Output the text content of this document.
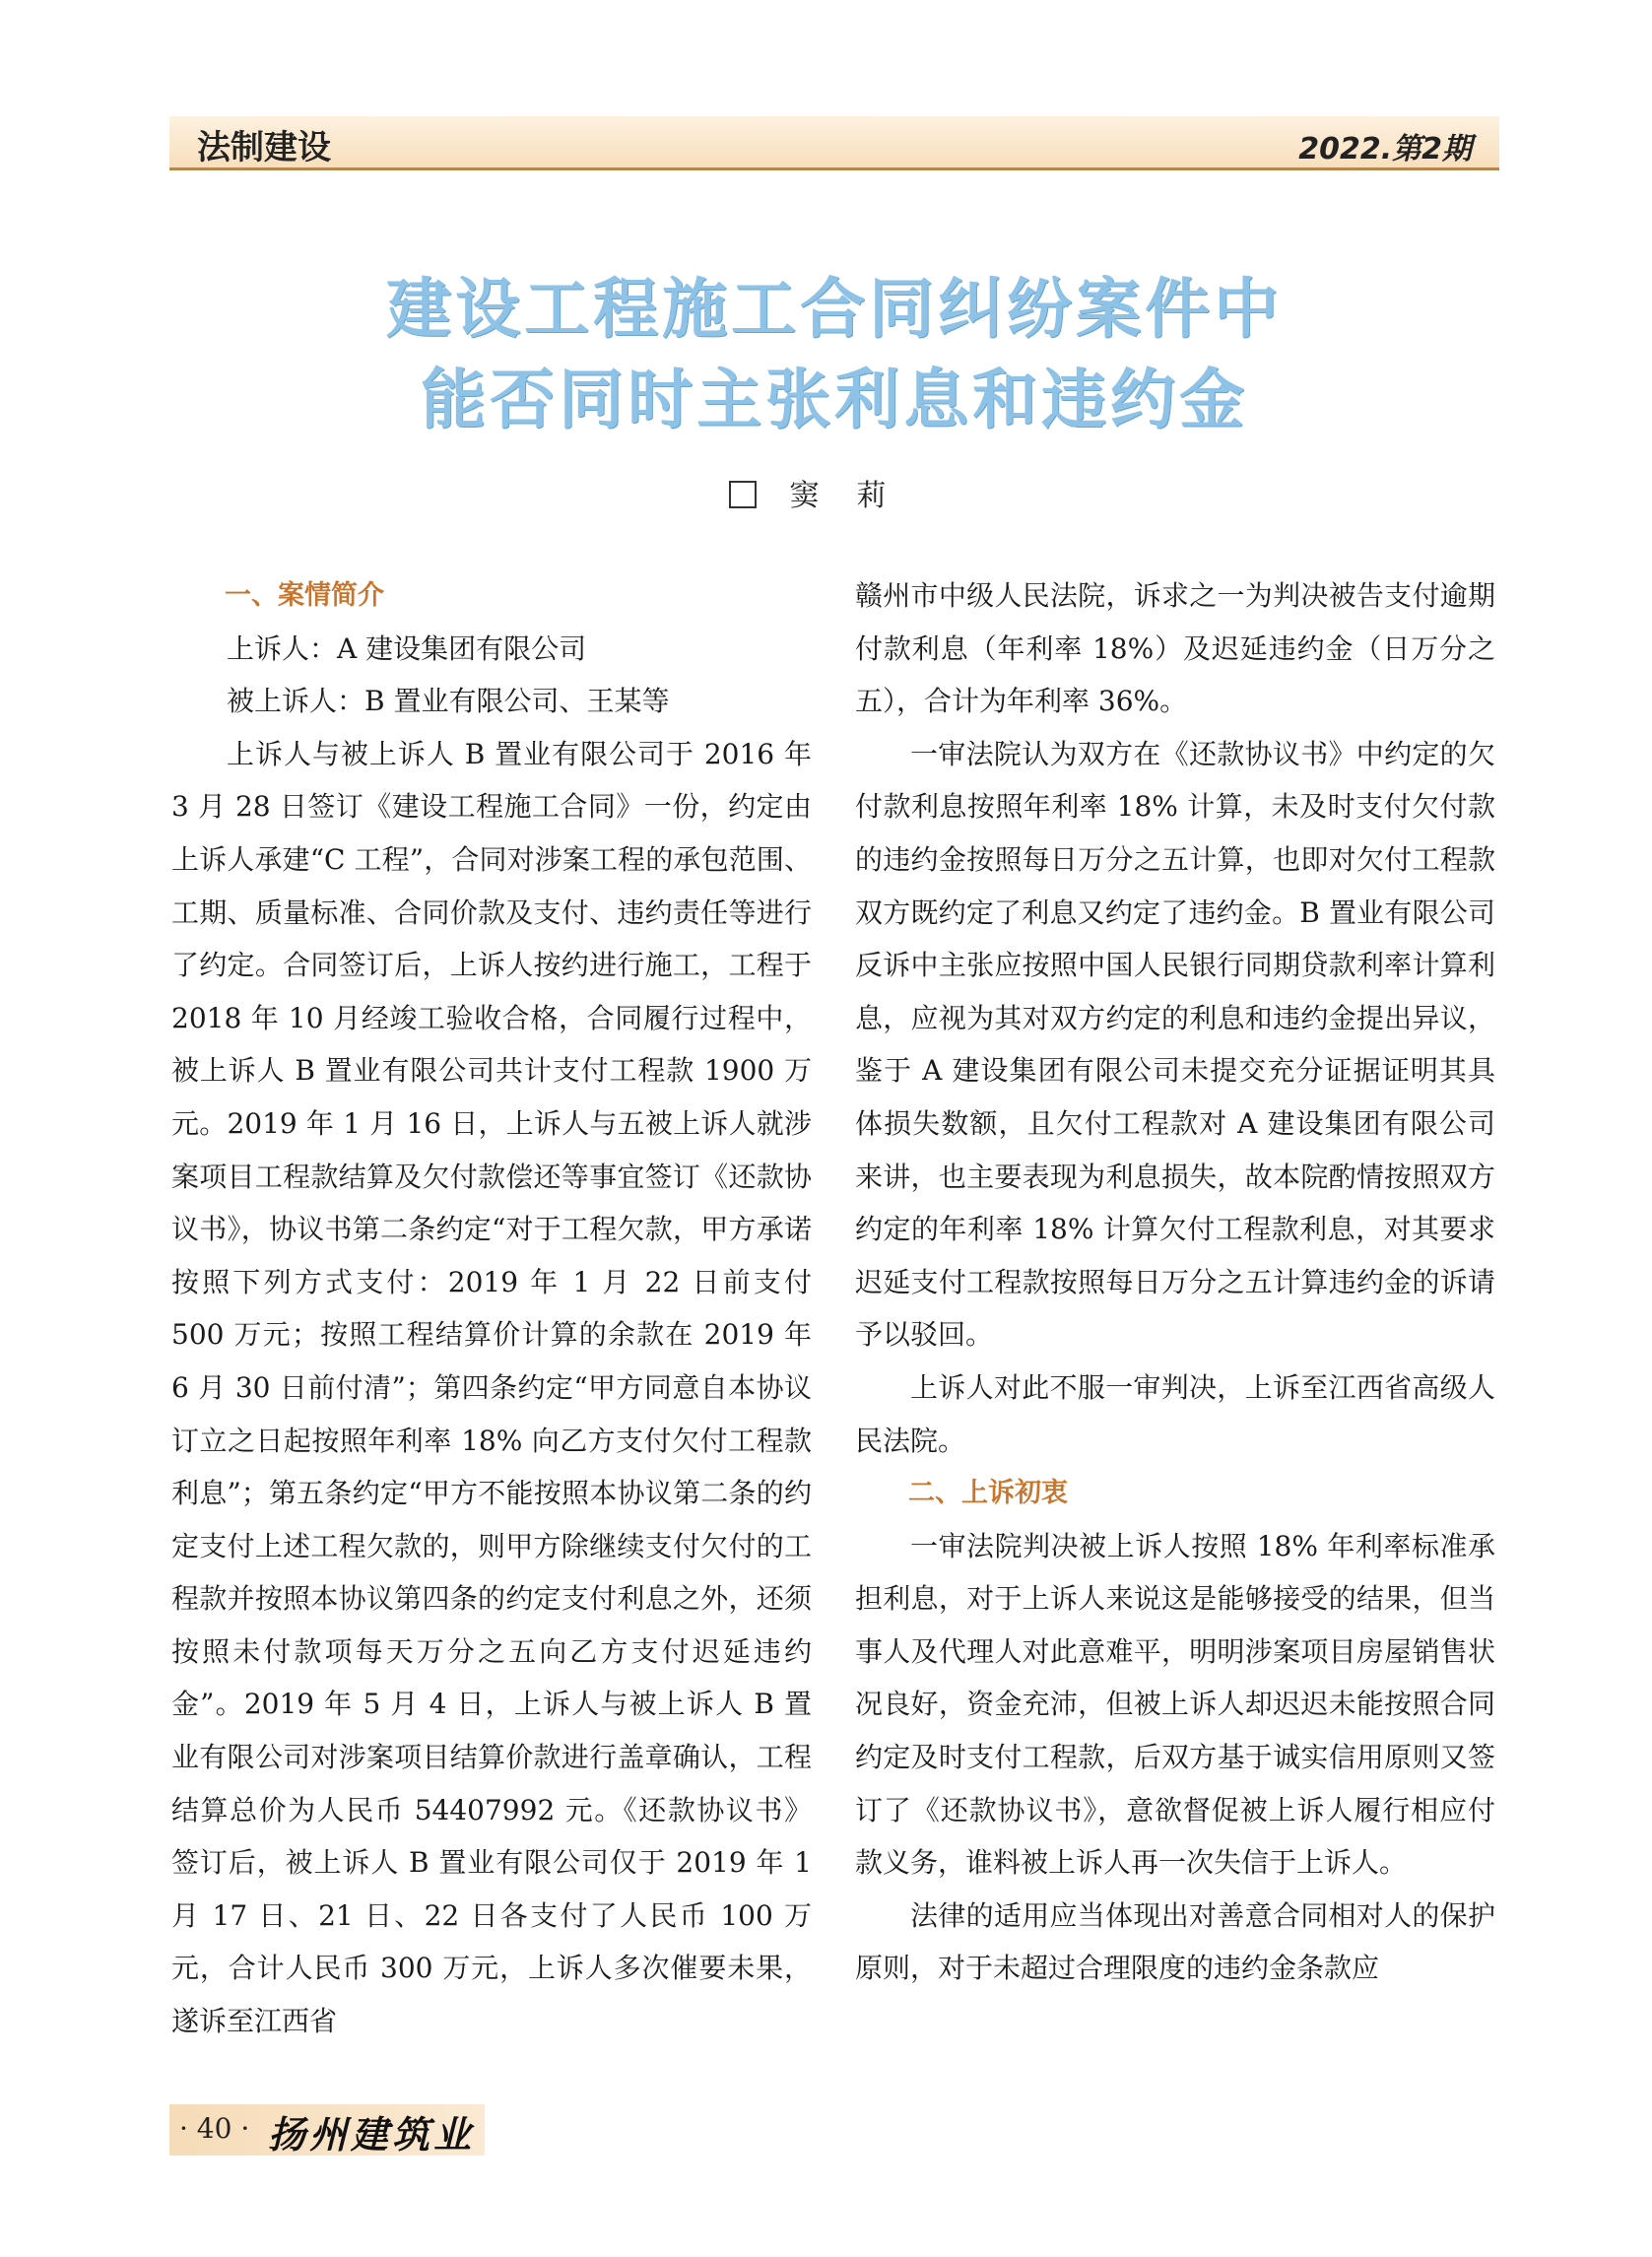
法制建设	2022.第2期
建设工程施工合同纠纷案件中
能否同时主张利息和违约金
窦莉
一、案情简介

上诉人：A 建设集团有限公司

被上诉人：B 置业有限公司、王某等

上诉人与被上诉人 B 置业有限公司于 2016 年 3 月 28 日签订《建设工程施工合同》一份，约定由上诉人承建“C 工程”，合同对涉案工程的承包范围、工期、质量标准、合同价款及支付、违约责任等进行了约定。合同签订后，上诉人按约进行施工，工程于 2018 年 10 月经竣工验收合格，合同履行过程中，被上诉人 B 置业有限公司共计支付工程款 1900 万元。2019 年 1 月 16 日，上诉人与五被上诉人就涉案项目工程款结算及欠付款偿还等事宜签订《还款协议书》，协议书第二条约定“对于工程欠款，甲方承诺按照下列方式支付：2019 年 1 月 22 日前支付 500 万元；按照工程结算价计算的余款在 2019 年 6 月 30 日前付清”；第四条约定“甲方同意自本协议订立之日起按照年利率 18% 向乙方支付欠付工程款利息”；第五条约定“甲方不能按照本协议第二条的约定支付上述工程欠款的，则甲方除继续支付欠付的工程款并按照本协议第四条的约定支付利息之外，还须按照未付款项每天万分之五向乙方支付迟延违约金”。2019 年 5 月 4 日，上诉人与被上诉人 B 置业有限公司对涉案项目结算价款进行盖章确认，工程结算总价为人民币 54407992 元。《还款协议书》签订后，被上诉人 B 置业有限公司仅于 2019 年 1 月 17 日、21 日、22 日各支付了人民币 100 万元，合计人民币 300 万元，上诉人多次催要未果，遂诉至江西省

赣州市中级人民法院，诉求之一为判决被告支付逾期付款利息（年利率 18%）及迟延违约金（日万分之五），合计为年利率 36%。

一审法院认为双方在《还款协议书》中约定的欠付款利息按照年利率 18% 计算，未及时支付欠付款的违约金按照每日万分之五计算，也即对欠付工程款双方既约定了利息又约定了违约金。B 置业有限公司反诉中主张应按照中国人民银行同期贷款利率计算利息，应视为其对双方约定的利息和违约金提出异议，鉴于 A 建设集团有限公司未提交充分证据证明其具体损失数额，且欠付工程款对 A 建设集团有限公司来讲，也主要表现为利息损失，故本院酌情按照双方约定的年利率 18% 计算欠付工程款利息，对其要求迟延支付工程款按照每日万分之五计算违约金的诉请予以驳回。

上诉人对此不服一审判决，上诉至江西省高级人民法院。

二、上诉初衷

一审法院判决被上诉人按照 18% 年利率标准承担利息，对于上诉人来说这是能够接受的结果，但当事人及代理人对此意难平，明明涉案项目房屋销售状况良好，资金充沛，但被上诉人却迟迟未能按照合同约定及时支付工程款，后双方基于诚实信用原则又签订了《还款协议书》，意欲督促被上诉人履行相应付款义务，谁料被上诉人再一次失信于上诉人。

法律的适用应当体现出对善意合同相对人的保护原则，对于未超过合理限度的违约金条款应

· 40 · 扬州建筑业
